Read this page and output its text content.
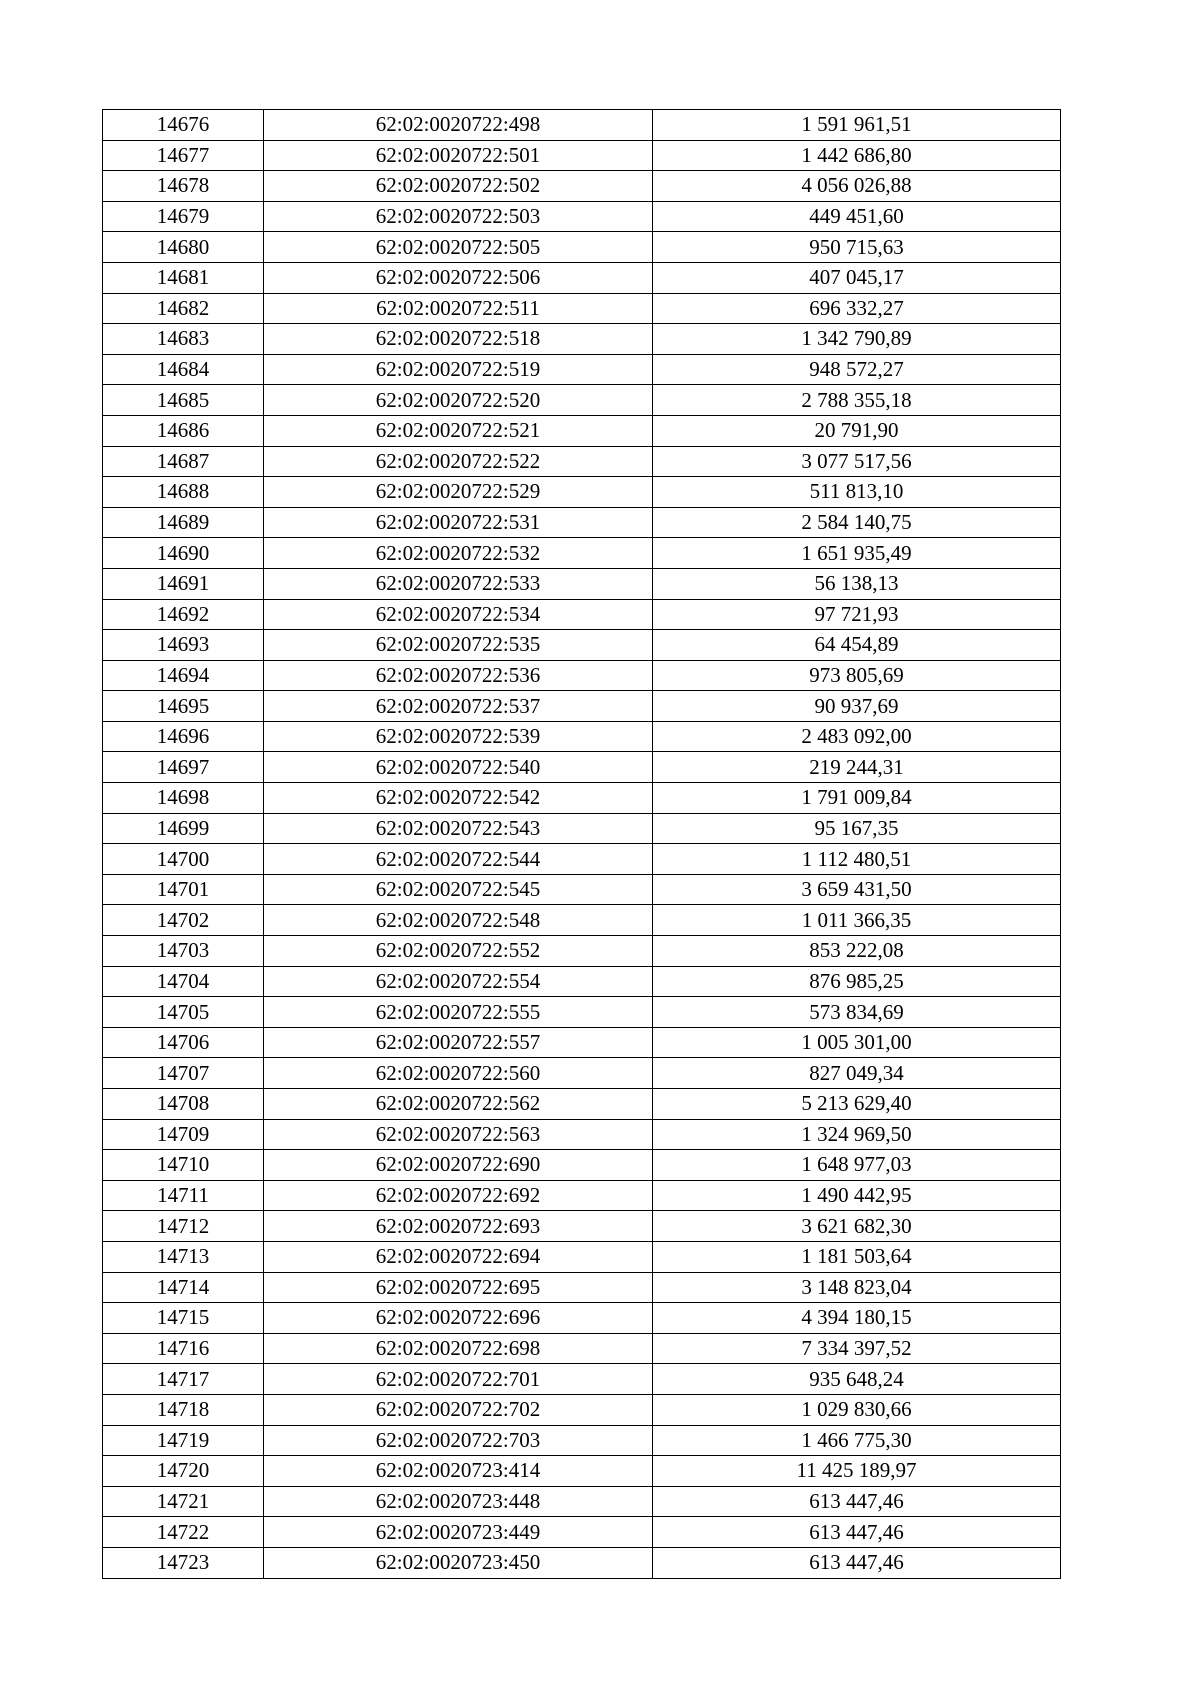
14676	62:02:0020722:498	1 591 961,51
14677	62:02:0020722:501	1 442 686,80
14678	62:02:0020722:502	4 056 026,88
14679	62:02:0020722:503	449 451,60
14680	62:02:0020722:505	950 715,63
14681	62:02:0020722:506	407 045,17
14682	62:02:0020722:511	696 332,27
14683	62:02:0020722:518	1 342 790,89
14684	62:02:0020722:519	948 572,27
14685	62:02:0020722:520	2 788 355,18
14686	62:02:0020722:521	20 791,90
14687	62:02:0020722:522	3 077 517,56
14688	62:02:0020722:529	511 813,10
14689	62:02:0020722:531	2 584 140,75
14690	62:02:0020722:532	1 651 935,49
14691	62:02:0020722:533	56 138,13
14692	62:02:0020722:534	97 721,93
14693	62:02:0020722:535	64 454,89
14694	62:02:0020722:536	973 805,69
14695	62:02:0020722:537	90 937,69
14696	62:02:0020722:539	2 483 092,00
14697	62:02:0020722:540	219 244,31
14698	62:02:0020722:542	1 791 009,84
14699	62:02:0020722:543	95 167,35
14700	62:02:0020722:544	1 112 480,51
14701	62:02:0020722:545	3 659 431,50
14702	62:02:0020722:548	1 011 366,35
14703	62:02:0020722:552	853 222,08
14704	62:02:0020722:554	876 985,25
14705	62:02:0020722:555	573 834,69
14706	62:02:0020722:557	1 005 301,00
14707	62:02:0020722:560	827 049,34
14708	62:02:0020722:562	5 213 629,40
14709	62:02:0020722:563	1 324 969,50
14710	62:02:0020722:690	1 648 977,03
14711	62:02:0020722:692	1 490 442,95
14712	62:02:0020722:693	3 621 682,30
14713	62:02:0020722:694	1 181 503,64
14714	62:02:0020722:695	3 148 823,04
14715	62:02:0020722:696	4 394 180,15
14716	62:02:0020722:698	7 334 397,52
14717	62:02:0020722:701	935 648,24
14718	62:02:0020722:702	1 029 830,66
14719	62:02:0020722:703	1 466 775,30
14720	62:02:0020723:414	11 425 189,97
14721	62:02:0020723:448	613 447,46
14722	62:02:0020723:449	613 447,46
14723	62:02:0020723:450	613 447,46
